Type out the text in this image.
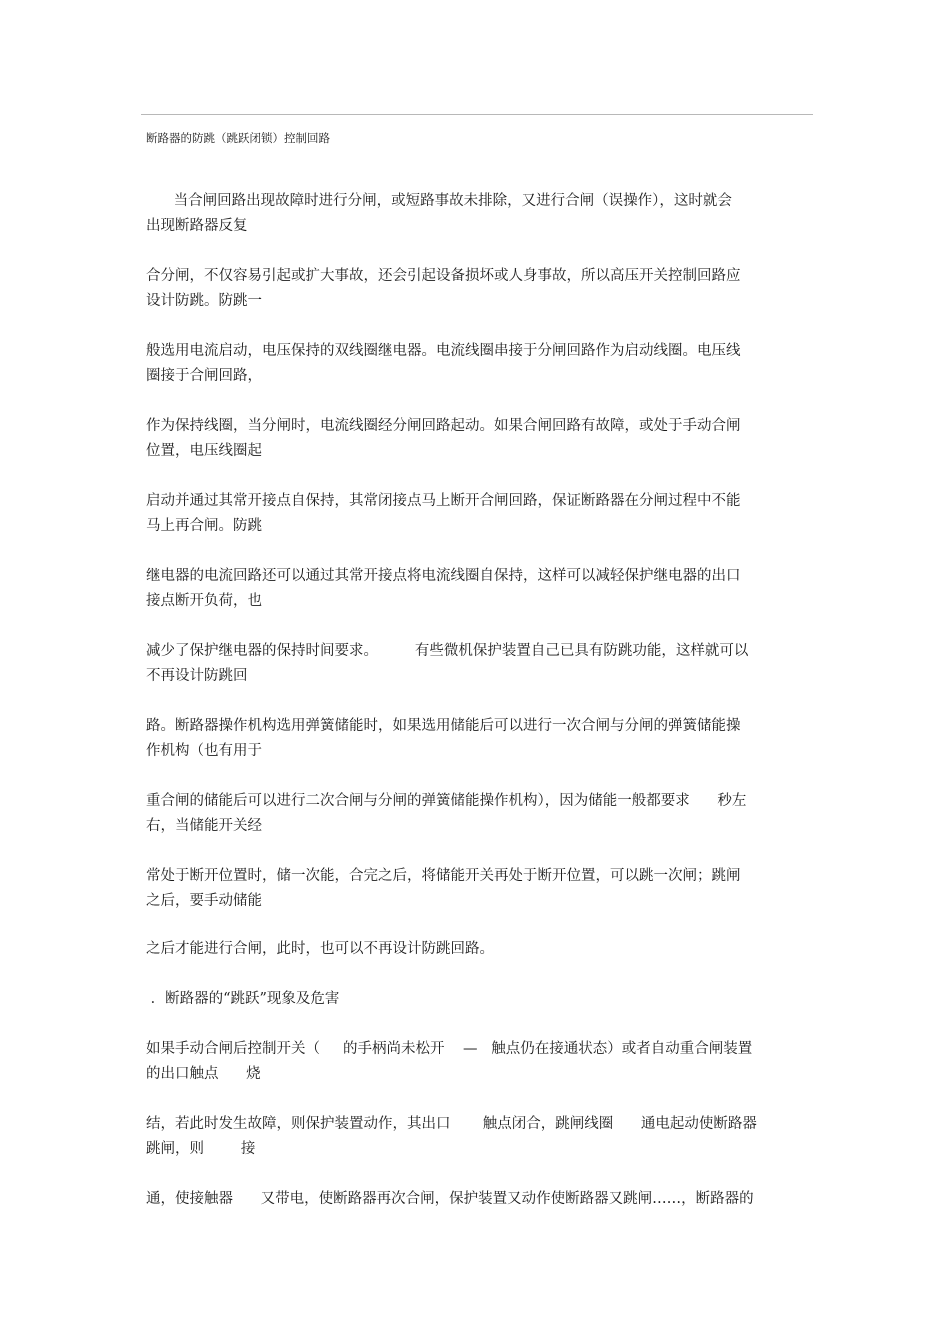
断路器的防跳（跳跃闭锁）控制回路
当合闸回路出现故障时进行分闸，或短路事故未排除，又进行合闸（误操作），这时就会
出现断路器反复
合分闸，不仅容易引起或扩大事故，还会引起设备损坏或人身事故，所以高压开关控制回路应
设计防跳。防跳一
般选用电流启动，电压保持的双线圈继电器。电流线圈串接于分闸回路作为启动线圈。电压线
圈接于合闸回路，
作为保持线圈，当分闸时，电流线圈经分闸回路起动。如果合闸回路有故障，或处于手动合闸
位置，电压线圈起
启动并通过其常开接点自保持，其常闭接点马上断开合闸回路，保证断路器在分闸过程中不能
马上再合闸。防跳
继电器的电流回路还可以通过其常开接点将电流线圈自保持，这样可以减轻保护继电器的出口
接点断开负荷，也
减少了保护继电器的保持时间要求。        有些微机保护装置自己已具有防跳功能，这样就可以
不再设计防跳回
路。断路器操作机构选用弹簧储能时，如果选用储能后可以进行一次合闸与分闸的弹簧储能操
作机构（也有用于
重合闸的储能后可以进行二次合闸与分闸的弹簧储能操作机构），因为储能一般都要求      秒左
右，当储能开关经
常处于断开位置时，储一次能，合完之后，将储能开关再处于断开位置，可以跳一次闸；跳闸
之后，要手动储能
之后才能进行合闸，此时，也可以不再设计防跳回路。
．断路器的“跳跃”现象及危害
如果手动合闸后控制开关（     的手柄尚未松开    —   触点仍在接通状态）或者自动重合闸装置
的出口触点      烧
结，若此时发生故障，则保护装置动作，其出口       触点闭合，跳闸线圈      通电起动使断路器
跳闸，则        接
通，使接触器      又带电，使断路器再次合闸，保护装置又动作使断路器又跳闸……，断路器的
